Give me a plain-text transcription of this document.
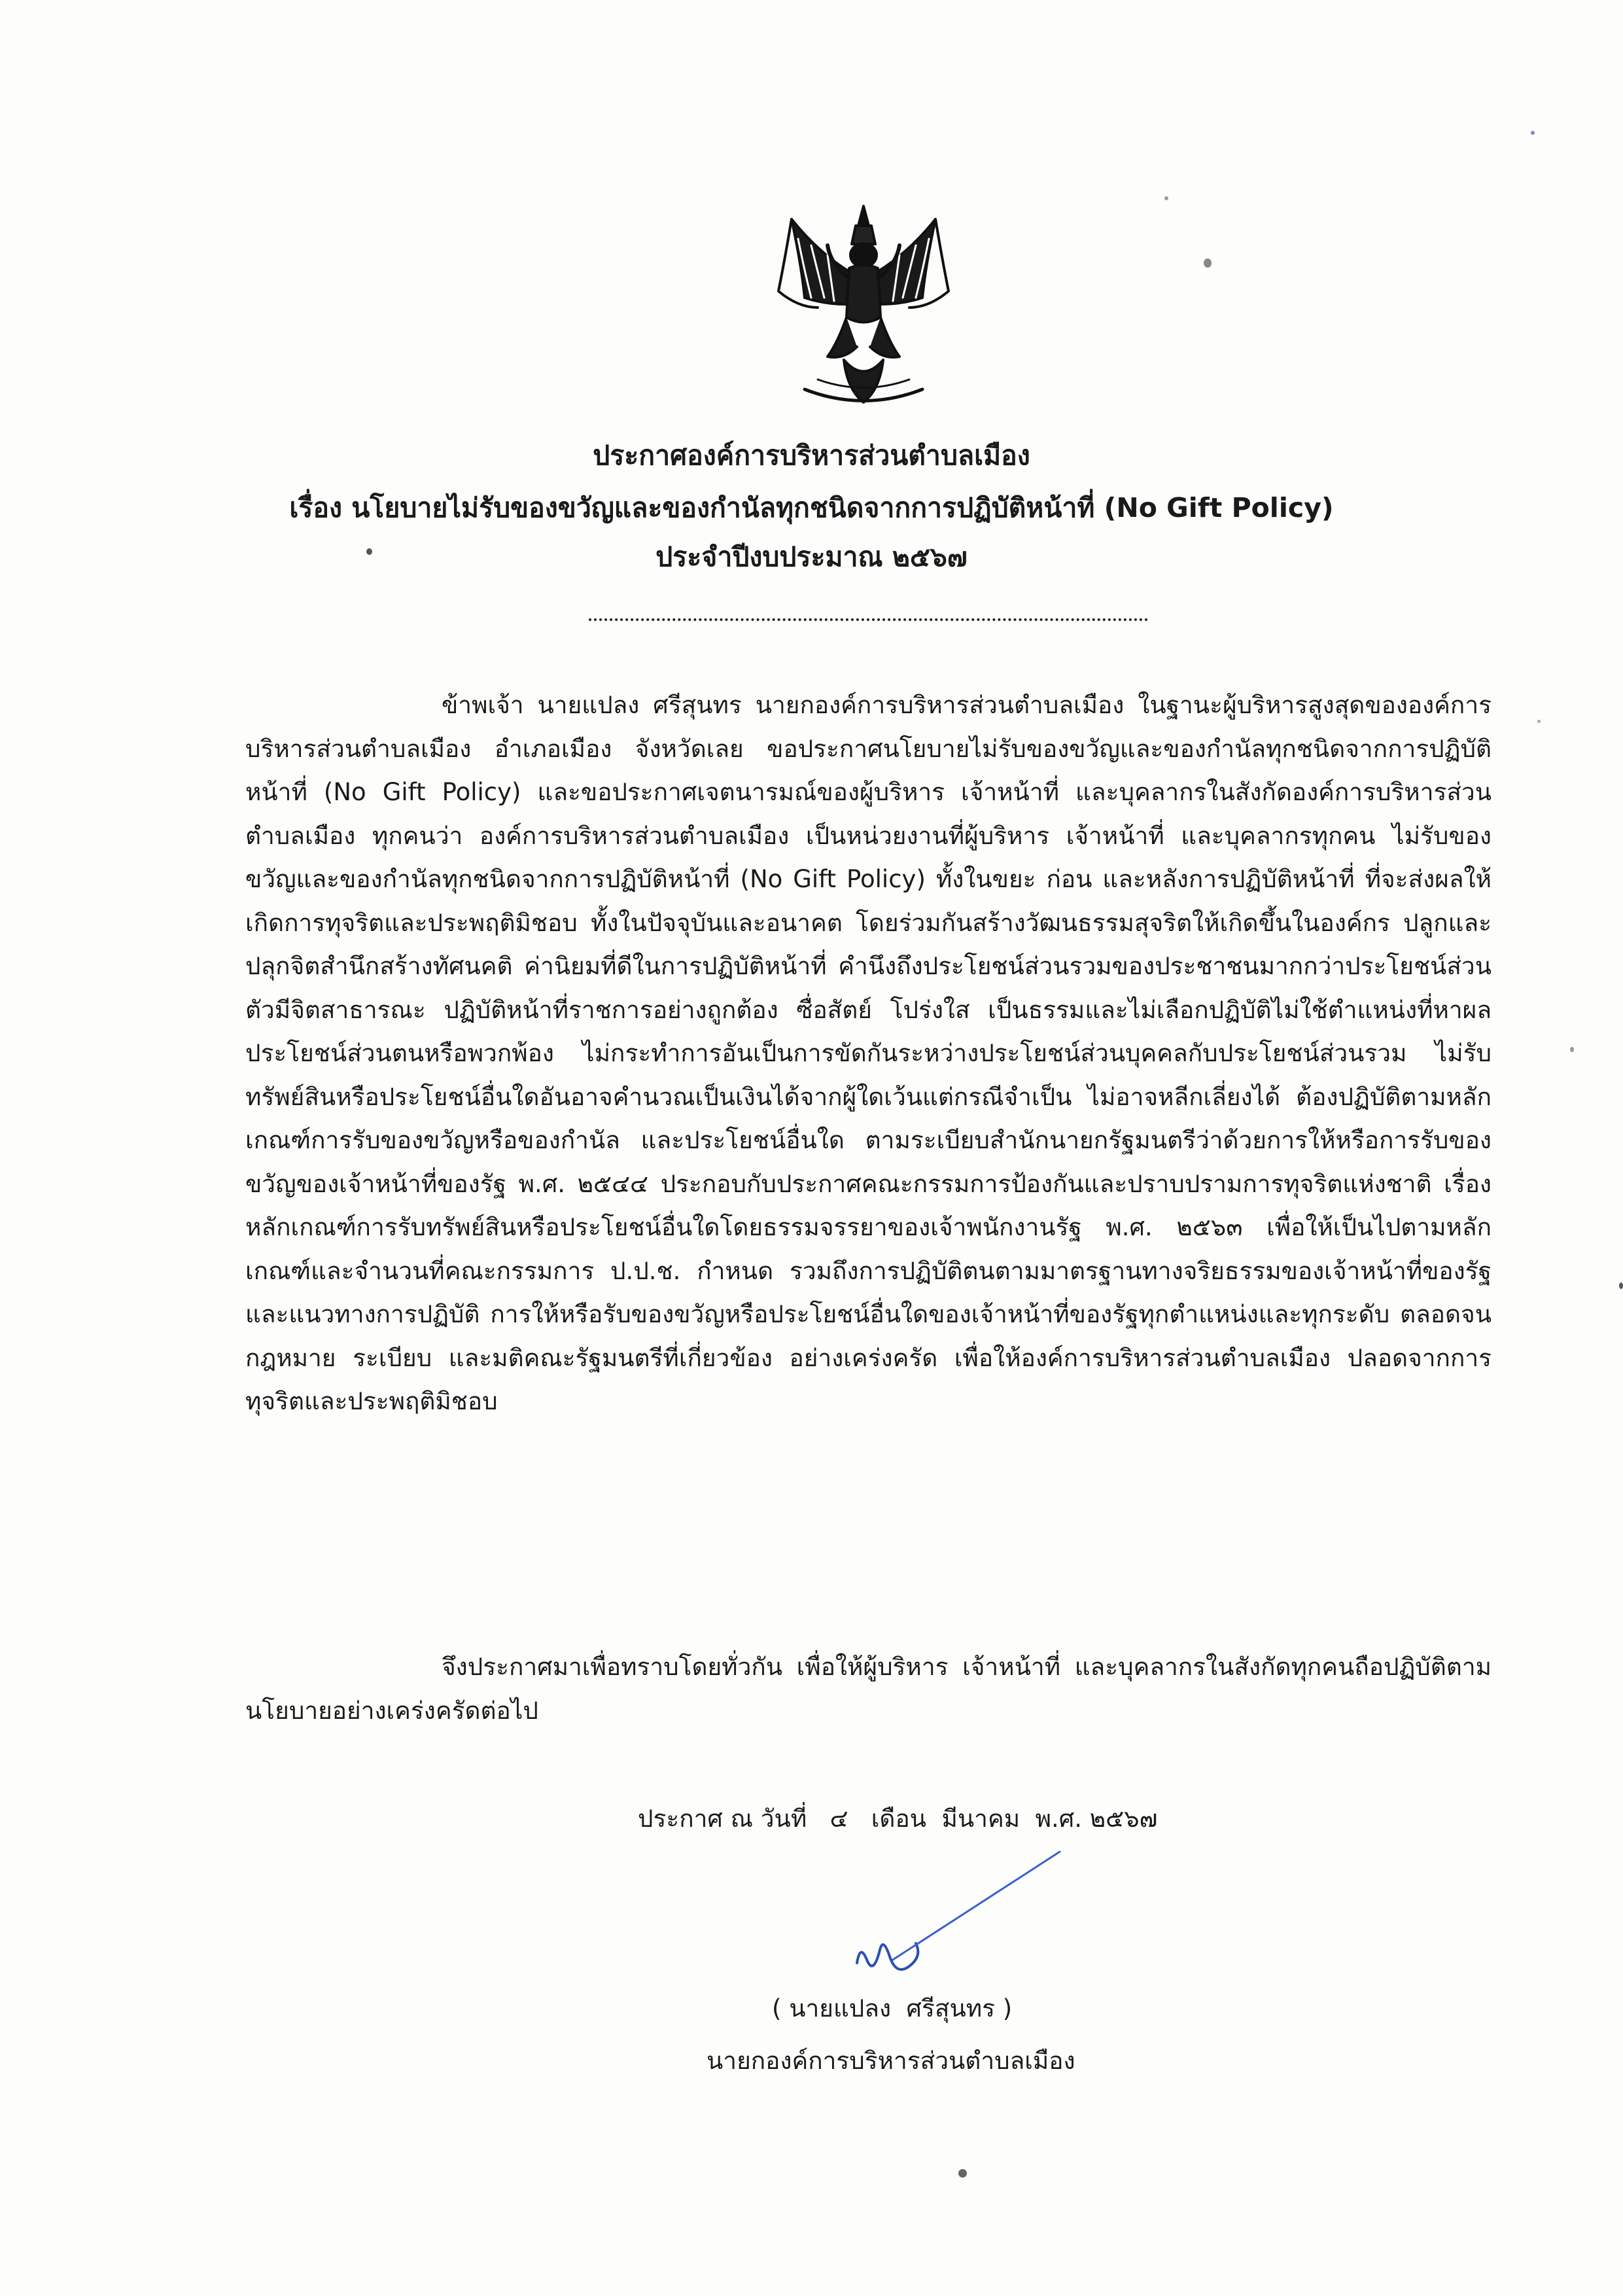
ประกาศองค์การบริหารส่วนตำบลเมือง
เรื่อง นโยบายไม่รับของขวัญและของกำนัลทุกชนิดจากการปฏิบัติหน้าที่ (No Gift Policy)
ประจำปีงบประมาณ ๒๕๖๗
ข้าพเจ้า นายแปลง ศรีสุนทร นายกองค์การบริหารส่วนตำบลเมือง ในฐานะผู้บริหารสูงสุดขององค์การบริหารส่วนตำบลเมือง อำเภอเมือง จังหวัดเลย ขอประกาศนโยบายไม่รับของขวัญและของกำนัลทุกชนิดจากการปฏิบัติหน้าที่ (No Gift Policy) และขอประกาศเจตนารมณ์ของผู้บริหาร เจ้าหน้าที่ และบุคลากรในสังกัดองค์การบริหารส่วนตำบลเมือง ทุกคนว่า องค์การบริหารส่วนตำบลเมือง เป็นหน่วยงานที่ผู้บริหาร เจ้าหน้าที่ และบุคลากรทุกคน ไม่รับของขวัญและของกำนัลทุกชนิดจากการปฏิบัติหน้าที่ (No Gift Policy) ทั้งในขยะ ก่อน และหลังการปฏิบัติหน้าที่ ที่จะส่งผลให้เกิดการทุจริตและประพฤติมิชอบ ทั้งในปัจจุบันและอนาคต โดยร่วมกันสร้างวัฒนธรรมสุจริตให้เกิดขึ้นในองค์กร ปลูกและปลุกจิตสำนึกสร้างทัศนคติ ค่านิยมที่ดีในการปฏิบัติหน้าที่ คำนึงถึงประโยชน์ส่วนรวมของประชาชนมากกว่าประโยชน์ส่วนตัวมีจิตสาธารณะ ปฏิบัติหน้าที่ราชการอย่างถูกต้อง ซื่อสัตย์ โปร่งใส เป็นธรรมและไม่เลือกปฏิบัติไม่ใช้ตำแหน่งที่หาผลประโยชน์ส่วนตนหรือพวกพ้อง ไม่กระทำการอันเป็นการขัดกันระหว่างประโยชน์ส่วนบุคคลกับประโยชน์ส่วนรวม ไม่รับทรัพย์สินหรือประโยชน์อื่นใดอันอาจคำนวณเป็นเงินได้จากผู้ใดเว้นแต่กรณีจำเป็น ไม่อาจหลีกเลี่ยงได้ ต้องปฏิบัติตามหลักเกณฑ์การรับของขวัญหรือของกำนัล และประโยชน์อื่นใด ตามระเบียบสำนักนายกรัฐมนตรีว่าด้วยการให้หรือการรับของขวัญของเจ้าหน้าที่ของรัฐ พ.ศ. ๒๕๔๔ ประกอบกับประกาศคณะกรรมการป้องกันและปราบปรามการทุจริตแห่งชาติ เรื่อง หลักเกณฑ์การรับทรัพย์สินหรือประโยชน์อื่นใดโดยธรรมจรรยาของเจ้าพนักงานรัฐ พ.ศ. ๒๕๖๓ เพื่อให้เป็นไปตามหลักเกณฑ์และจำนวนที่คณะกรรมการ ป.ป.ช. กำหนด รวมถึงการปฏิบัติตนตามมาตรฐานทางจริยธรรมของเจ้าหน้าที่ของรัฐ และแนวทางการปฏิบัติ การให้หรือรับของขวัญหรือประโยชน์อื่นใดของเจ้าหน้าที่ของรัฐทุกตำแหน่งและทุกระดับ ตลอดจนกฎหมาย ระเบียบ และมติคณะรัฐมนตรีที่เกี่ยวข้อง อย่างเคร่งครัด เพื่อให้องค์การบริหารส่วนตำบลเมือง ปลอดจากการทุจริตและประพฤติมิชอบ
จึงประกาศมาเพื่อทราบโดยทั่วกัน เพื่อให้ผู้บริหาร เจ้าหน้าที่ และบุคลากรในสังกัดทุกคนถือปฏิบัติตามนโยบายอย่างเคร่งครัดต่อไป
ประกาศ ณ วันที่   ๔   เดือน  มีนาคม  พ.ศ. ๒๕๖๗
( นายแปลง  ศรีสุนทร )
นายกองค์การบริหารส่วนตำบลเมือง
